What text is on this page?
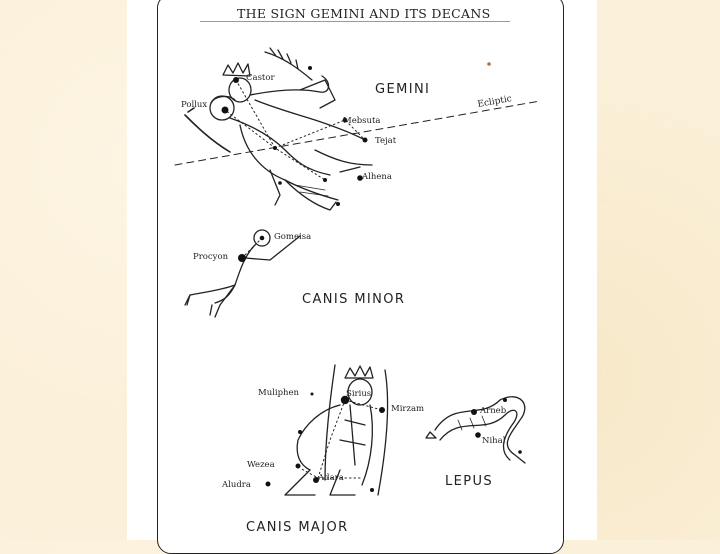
THE SIGN GEMINI AND ITS DECANS
Ecliptic
GEMINI
CANIS MINOR
CANIS MAJOR
LEPUS
Castor
Pollux
Mebsuta
Tejat
Alhena
Gomeisa
Procyon
Muliphen	Sirius
Mirzam
Wezea
Aludra
Adara
Arneb
Nihal
